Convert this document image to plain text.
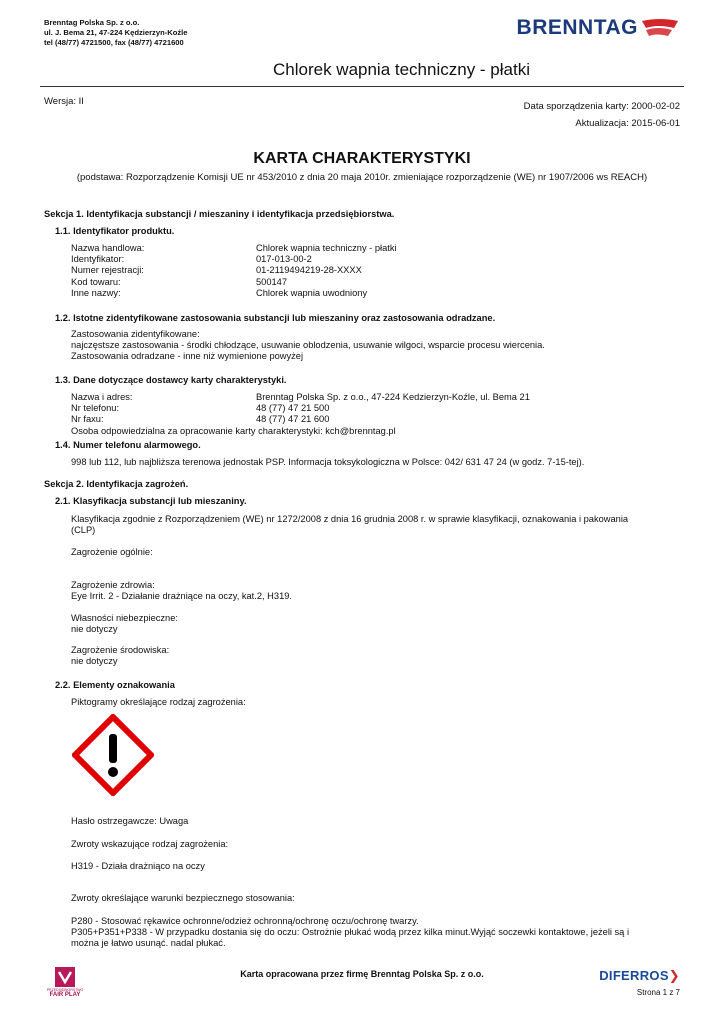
Brenntag Polska Sp. z o.o.
ul. J. Bema 21, 47-224 Kędzierzyn-Koźle
tel (48/77) 4721500, fax (48/77) 4721600
BRENNTAG
Chlorek wapnia techniczny - płatki
Wersja: II	Data sporządzenia karty: 2000-02-02
Aktualizacja: 2015-06-01
KARTA CHARAKTERYSTYKI
(podstawa: Rozporządzenie Komisji UE nr 453/2010 z dnia 20 maja 2010r. zmieniające rozporządzenie (WE) nr 1907/2006 ws REACH)
Sekcja 1. Identyfikacja substancji / mieszaniny i identyfikacja przedsiębiorstwa.
1.1. Identyfikator produktu.
Nazwa handlowa:	Chlorek wapnia techniczny - płatki
Identyfikator:	017-013-00-2
Numer rejestracji:	01-2119494219-28-XXXX
Kod towaru:	500147
Inne nazwy:	Chlorek wapnia uwodniony
1.2. Istotne zidentyfikowane zastosowania substancji lub mieszaniny oraz zastosowania odradzane.
Zastosowania zidentyfikowane:
najczęstsze zastosowania - środki chłodzące, usuwanie oblodzenia, usuwanie wilgoci, wsparcie procesu wiercenia.
Zastosowania odradzane - inne niż wymienione powyżej
1.3. Dane dotyczące dostawcy karty charakterystyki.
Nazwa i adres:	Brenntag Polska Sp. z o.o., 47-224 Kedzierzyn-Koźle, ul. Bema 21
Nr telefonu:	48 (77) 47 21 500
Nr faxu:	48 (77) 47 21 600
Osoba odpowiedzialna za opracowanie karty charakterystyki: kch@brenntag.pl
1.4. Numer telefonu alarmowego.
998 lub 112, lub najbliższa terenowa jednostak PSP. Informacja toksykologiczna w Polsce: 042/ 631 47 24 (w godz. 7-15-tej).
Sekcja 2. Identyfikacja zagrożeń.
2.1. Klasyfikacja substancji lub mieszaniny.
Klasyfikacja zgodnie z Rozporządzeniem (WE) nr 1272/2008 z dnia 16 grudnia 2008 r. w sprawie klasyfikacji, oznakowania i pakowania
(CLP)
Zagrożenie ogólnie:
Zagrożenie zdrowia:
Eye Irrit. 2 - Działanie drażniące na oczy, kat.2, H319.
Własności niebezpieczne:
nie dotyczy
Zagrożenie środowiska:
nie dotyczy
2.2. Elementy oznakowania
Piktogramy określające rodzaj zagrożenia:
Hasło ostrzegawcze: Uwaga
Zwroty wskazujące rodzaj zagrożenia:
H319 - Działa drażniąco na oczy
Zwroty określające warunki bezpiecznego stosowania:
P280 - Stosować rękawice ochronne/odzież ochronną/ochronę oczu/ochronę twarzy.
P305+P351+P338 - W przypadku dostania się do oczu: Ostrożnie płukać wodą przez kilka minut.Wyjąć soczewki kontaktowe, jeżeli są i
można je łatwo usunąć. nadal płukać.
PRZEDSIĘBIORSTWO
FAIR PLAY
Karta opracowana przez firmę Brenntag Polska Sp. z o.o.	DIFERROS❯
Strona 1 z 7
